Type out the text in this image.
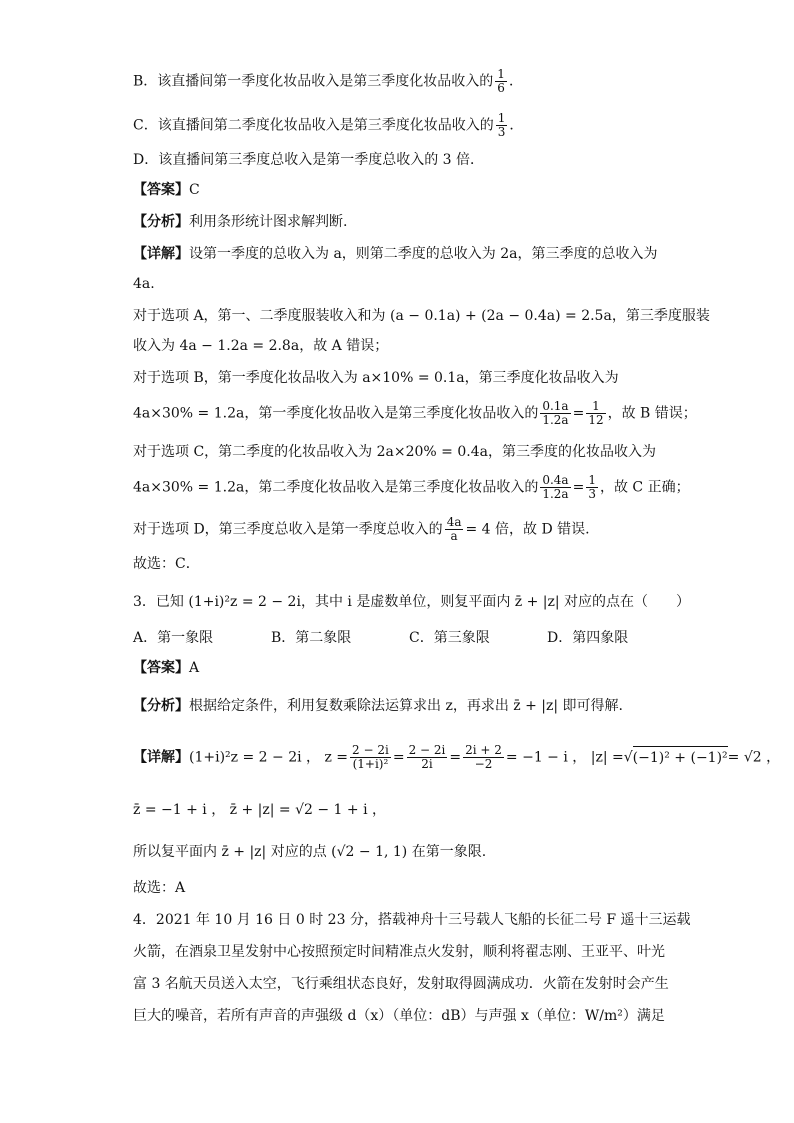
B．该直播间第一季度化妆品收入是第三季度化妆品收入的 $\frac{1}{6}$ ．
C．该直播间第二季度化妆品收入是第三季度化妆品收入的 $\frac{1}{3}$ ．
D．该直播间第三季度总收入是第一季度总收入的 3 倍．
【答案】C
【分析】利用条形统计图求解判断.
【详解】设第一季度的总收入为 a，则第二季度的总收入为 2a，第三季度的总收入为
4a.
对于选项 A，第一、二季度服装收入和为 (a − 0.1a) + (2a − 0.4a) = 2.5a，第三季度服装
收入为 4a − 1.2a = 2.8a，故 A 错误；
对于选项 B，第一季度化妆品收入为 a×10% = 0.1a，第三季度化妆品收入为
4a×30% = 1.2a，第一季度化妆品收入是第三季度化妆品收入的 $\frac{0.1a}{1.2a} = \frac{1}{12}$ ，故 B 错误；
对于选项 C，第二季度的化妆品收入为 2a×20% = 0.4a，第三季度的化妆品收入为
4a×30% = 1.2a，第二季度化妆品收入是第三季度化妆品收入的 $\frac{0.4a}{1.2a} = \frac{1}{3}$ ，故 C 正确；
对于选项 D，第三季度总收入是第一季度总收入的 $\frac{4a}{a} = 4$ 倍，故 D 错误.
故选：C．
3．已知 (1+i)²z = 2 − 2i，其中 i 是虚数单位，则复平面内 z̄ + |z| 对应的点在（　　）
A．第一象限	B．第二象限	C．第三象限	D．第四象限
【答案】A
【分析】根据给定条件，利用复数乘除法运算求出 z，再求出 z̄ + |z| 即可得解.
【详解】(1+i)²z = 2 − 2i ， $z = \frac{2 - 2i}{\text{(1+i)²}} = \frac{2 - 2i}{2i} = \frac{2i + 2}{-2} = -1 - i$ ， |z| =√(−1)² + (−1)²= √2 ，
z̄ = −1 + i ， z̄ + |z| = √2 − 1 + i ，
所以复平面内 z̄ + |z| 对应的点 (√2 − 1, 1) 在第一象限.
故选：A
4．2021 年 10 月 16 日 0 时 23 分，搭载神舟十三号载人飞船的长征二号 F 遥十三运载
火箭，在酒泉卫星发射中心按照预定时间精准点火发射，顺利将翟志刚、王亚平、叶光
富 3 名航天员送入太空，飞行乘组状态良好，发射取得圆满成功．火箭在发射时会产生
巨大的噪音，若所有声音的声强级 d（x）（单位：dB）与声强 x（单位：W/m²）满足
